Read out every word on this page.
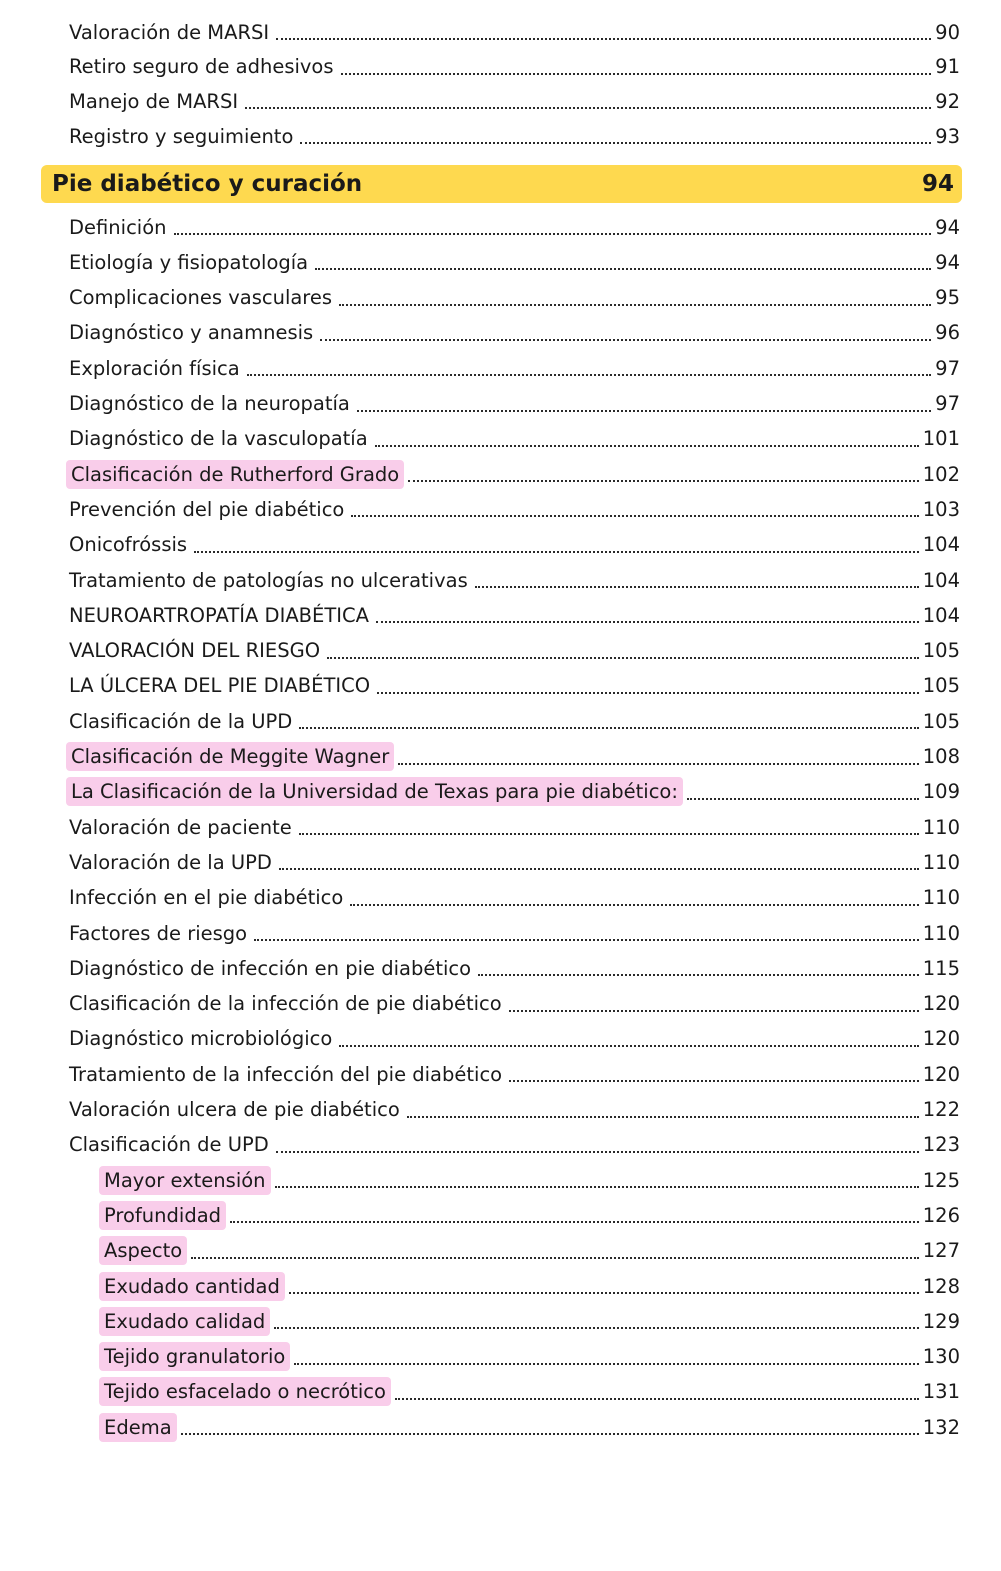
Valoración de MARSI	90
Retiro seguro de adhesivos	91
Manejo de MARSI	92
Registro y seguimiento	93
Pie diabético y curación	94
Definición	94
Etiología y fisiopatología	94
Complicaciones vasculares	95
Diagnóstico y anamnesis	96
Exploración física	97
Diagnóstico de la neuropatía	97
Diagnóstico de la vasculopatía	101
Clasificación de Rutherford Grado	102
Prevención del pie diabético	103
Onicofróssis	104
Tratamiento de patologías no ulcerativas	104
NEUROARTROPATÍA DIABÉTICA	104
VALORACIÓN DEL RIESGO	105
LA ÚLCERA DEL PIE DIABÉTICO	105
Clasificación de la UPD	105
Clasificación de Meggite Wagner	108
La Clasificación de la Universidad de Texas para pie diabético:	109
Valoración de paciente	110
Valoración de la UPD	110
Infección en el pie diabético	110
Factores de riesgo	110
Diagnóstico de infección en pie diabético	115
Clasificación de la infección de pie diabético	120
Diagnóstico microbiológico	120
Tratamiento de la infección del pie diabético	120
Valoración ulcera de pie diabético	122
Clasificación de UPD	123
Mayor extensión	125
Profundidad	126
Aspecto	127
Exudado cantidad	128
Exudado calidad	129
Tejido granulatorio	130
Tejido esfacelado o necrótico	131
Edema	132
